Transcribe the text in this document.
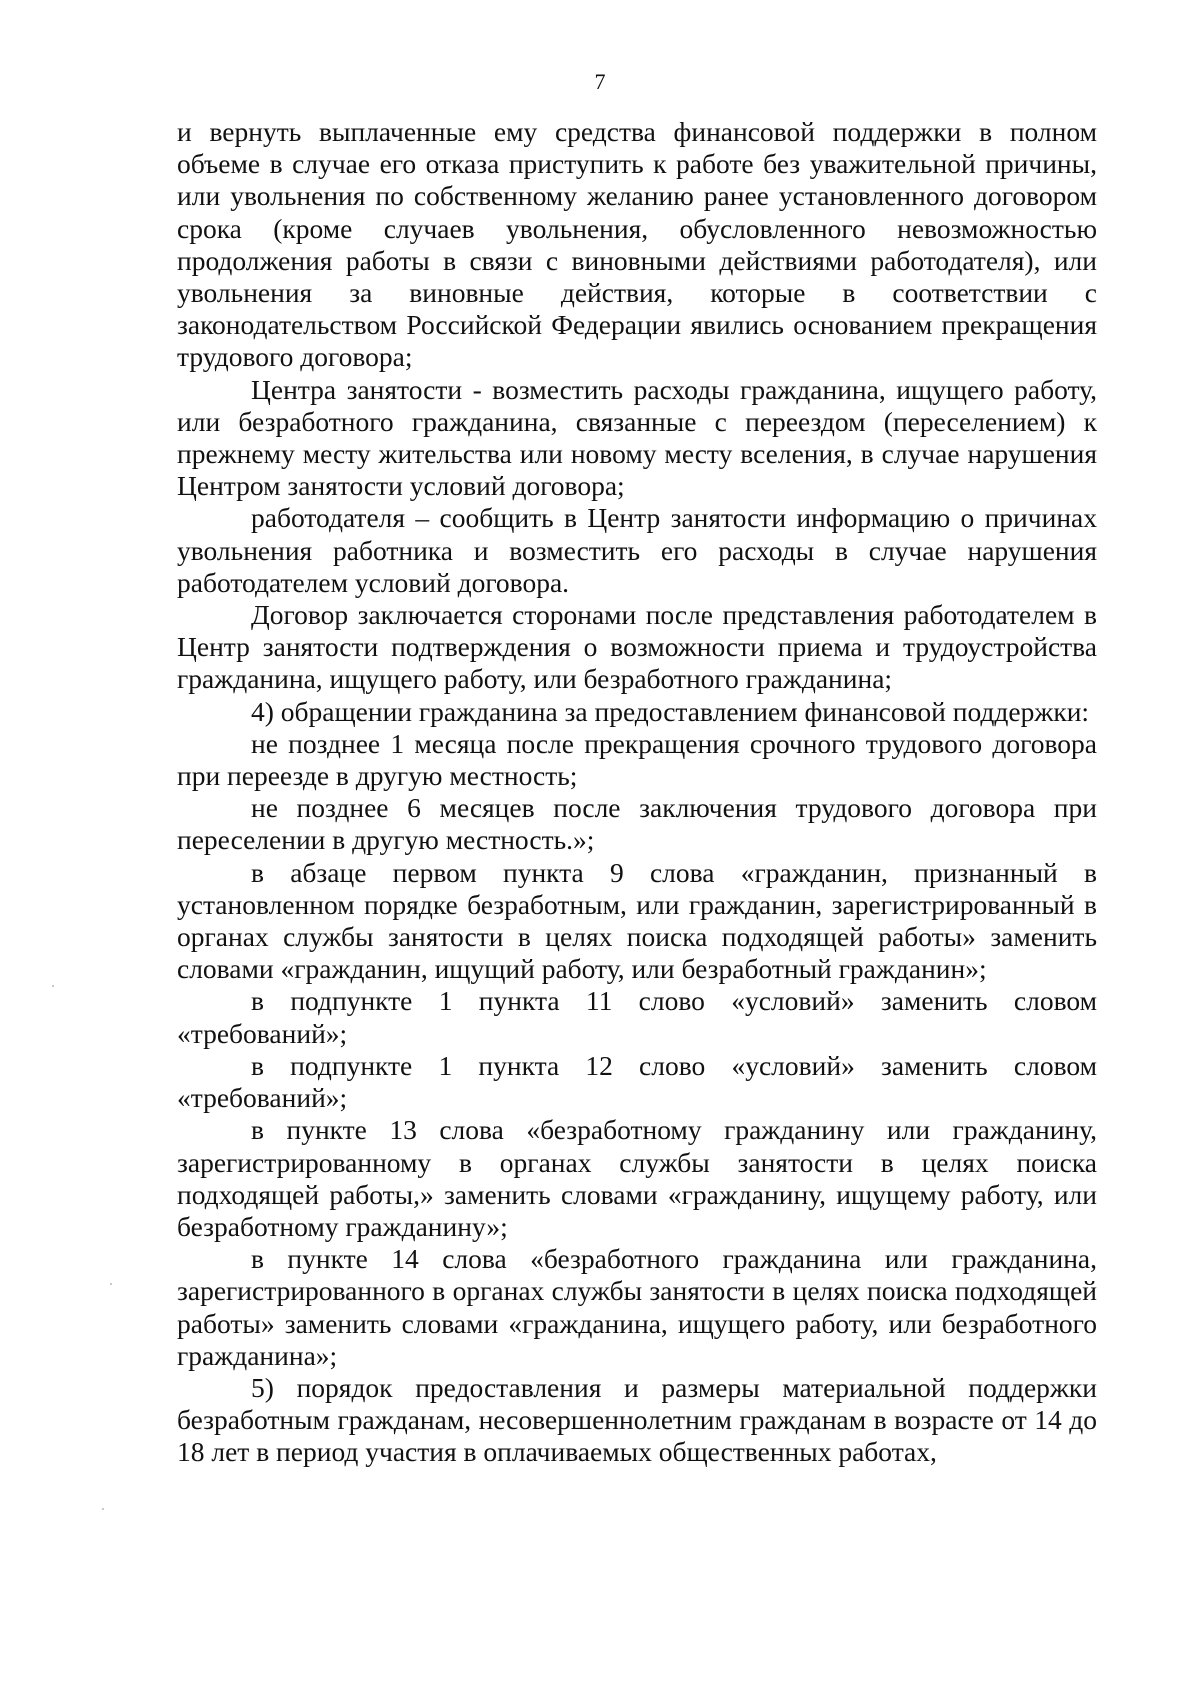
7

и вернуть выплаченные ему средства финансовой поддержки в полном объеме в случае его отказа приступить к работе без уважительной причины, или увольнения по собственному желанию ранее установленного договором срока (кроме случаев увольнения, обусловленного невозможностью продолжения работы в связи с виновными действиями работодателя), или увольнения за виновные действия, которые в соответствии с законодательством Российской Федерации явились основанием прекращения трудового договора;

Центра занятости - возместить расходы гражданина, ищущего работу, или безработного гражданина, связанные с переездом (переселением) к прежнему месту жительства или новому месту вселения, в случае нарушения Центром занятости условий договора;

работодателя – сообщить в Центр занятости информацию о причинах увольнения работника и возместить его расходы в случае нарушения работодателем условий договора.

Договор заключается сторонами после представления работодателем в Центр занятости подтверждения о возможности приема и трудоустройства гражданина, ищущего работу, или безработного гражданина;

4) обращении гражданина за предоставлением финансовой поддержки:

не позднее 1 месяца после прекращения срочного трудового договора при переезде в другую местность;

не позднее 6 месяцев после заключения трудового договора при переселении в другую местность.»;

в абзаце первом пункта 9 слова «гражданин, признанный в установленном порядке безработным, или гражданин, зарегистрированный в органах службы занятости в целях поиска подходящей работы» заменить словами «гражданин, ищущий работу, или безработный гражданин»;

в подпункте 1 пункта 11 слово «условий» заменить словом «требований»;

в подпункте 1 пункта 12 слово «условий» заменить словом «требований»;

в пункте 13 слова «безработному гражданину или гражданину, зарегистрированному в органах службы занятости в целях поиска подходящей работы,» заменить словами «гражданину, ищущему работу, или безработному гражданину»;

в пункте 14 слова «безработного гражданина или гражданина, зарегистрированного в органах службы занятости в целях поиска подходящей работы» заменить словами «гражданина, ищущего работу, или безработного гражданина»;

5) порядок предоставления и размеры материальной поддержки безработным гражданам, несовершеннолетним гражданам в возрасте от 14 до 18 лет в период участия в оплачиваемых общественных работах,
